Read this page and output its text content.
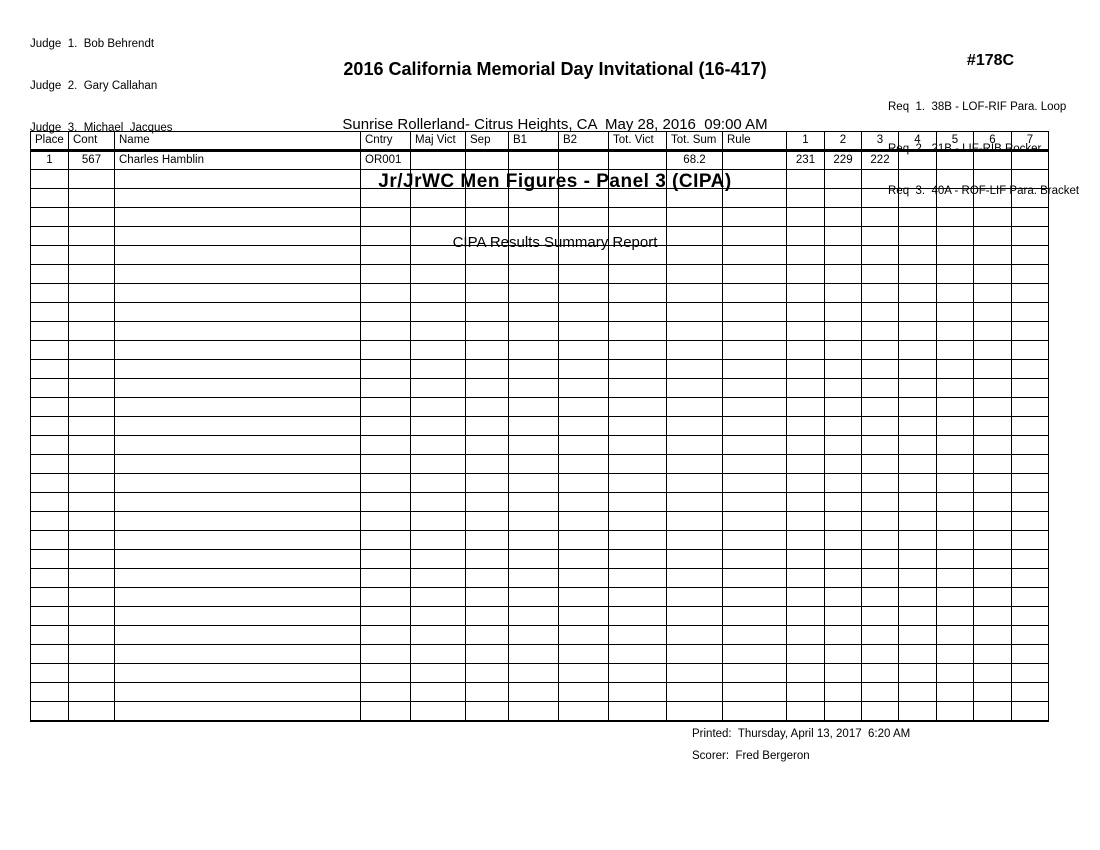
Judge  1.  Bob Behrendt

Judge  2.  Gary Callahan

Judge  3.  Michael  Jacques

2016 California Memorial Day Invitational (16-417)

Sunrise Rollerland- Citrus Heights, CA  May 28, 2016  09:00 AM

Jr/JrWC Men Figures - Panel 3 (CIPA)

CIPA Results Summary Report

#178C

Req  1.  38B - LOF-RIF Para. Loop

Req  2.  21B - LIF-RIB Rocker

Req  3.  40A - ROF-LIF Para. Bracket

Place	Cont	Name	Cntry	Maj Vict	Sep	B1	B2	Tot. Vict	Tot. Sum	Rule	1	2	3	4	5	6	7
1	567	Charles Hamblin	OR001						68.2		231	229	222				

Printed:  Thursday, April 13, 2017  6:20 AM
Scorer:  Fred Bergeron
